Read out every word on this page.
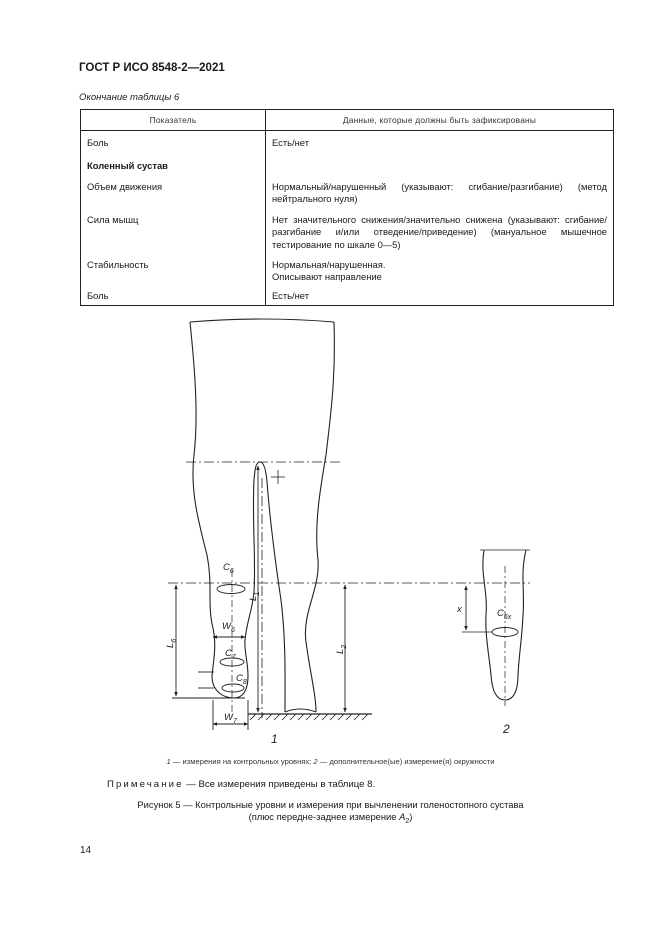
ГОСТ Р ИСО 8548-2—2021
Окончание таблицы 6
Показатель	Данные, которые должны быть зафиксированы
Боль	Есть/нет
Коленный сустав	
Объем движения	Нормальный/нарушенный (указывают: сгибание/разгибание) (метод нейтрального нуля)
Сила мышц	Нет значительного снижения/значительно снижена (указывают: сгибание/разгибание и/или отведение/приведение) (мануальное мышечное тестирование по шкале 0—5)
Стабильность	Нормальная/нарушенная.
Описывают направление
Боль	Есть/нет
$C_6$
$W_6$
$C_7$
$C_8$
$W_7$
$L_1$
$L_2$
$L_6$
x	$C_{6x}$
1
2
1 — измерения на контрольных уровнях; 2 — дополнительное(ые) измерение(я) окружности
Примечание — Все измерения приведены в таблице 8.
Рисунок 5 — Контрольные уровни и измерения при вычленении голеностопного сустава
(плюс передне-заднее измерение $A_2$)
14
